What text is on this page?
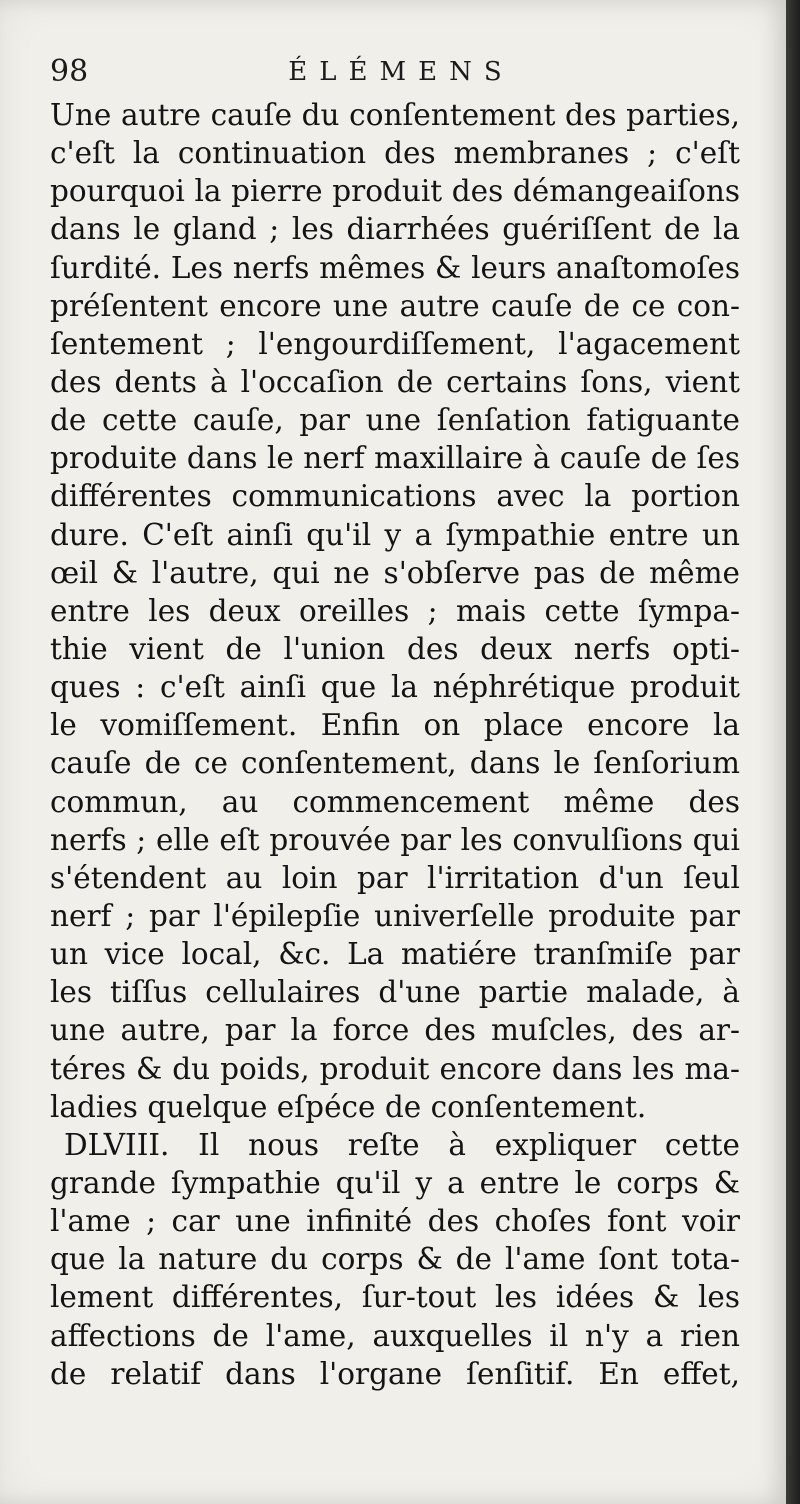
98	ÉLÉMENS
Une autre cauſe du conſentement des parties,
c'eſt la continuation des membranes ; c'eſt
pourquoi la pierre produit des démangeaiſons
dans le gland ; les diarrhées guériſſent de la
ſurdité. Les nerfs mêmes & leurs anaſtomoſes
préſentent encore une autre cauſe de ce con-
ſentement ; l'engourdiſſement, l'agacement
des dents à l'occaſion de certains ſons, vient
de cette cauſe, par une ſenſation fatiguante
produite dans le nerf maxillaire à cauſe de ſes
différentes communications avec la portion
dure. C'eſt ainſi qu'il y a ſympathie entre un
œil & l'autre, qui ne s'obſerve pas de même
entre les deux oreilles ; mais cette ſympa-
thie vient de l'union des deux nerfs opti-
ques : c'eſt ainſi que la néphrétique produit
le vomiſſement. Enfin on place encore la
cauſe de ce conſentement, dans le ſenſorium
commun, au commencement même des
nerfs ; elle eſt prouvée par les convulſions qui
s'étendent au loin par l'irritation d'un ſeul
nerf ; par l'épilepſie univerſelle produite par
un vice local, &c. La matiére tranſmiſe par
les tiſſus cellulaires d'une partie malade, à
une autre, par la force des muſcles, des ar-
téres & du poids, produit encore dans les ma-
ladies quelque eſpéce de conſentement.
DLVIII. Il nous reſte à expliquer cette
grande ſympathie qu'il y a entre le corps &
l'ame ; car une infinité des choſes font voir
que la nature du corps & de l'ame ſont tota-
lement différentes, ſur-tout les idées & les
affections de l'ame, auxquelles il n'y a rien
de relatif dans l'organe ſenſitif. En effet,
